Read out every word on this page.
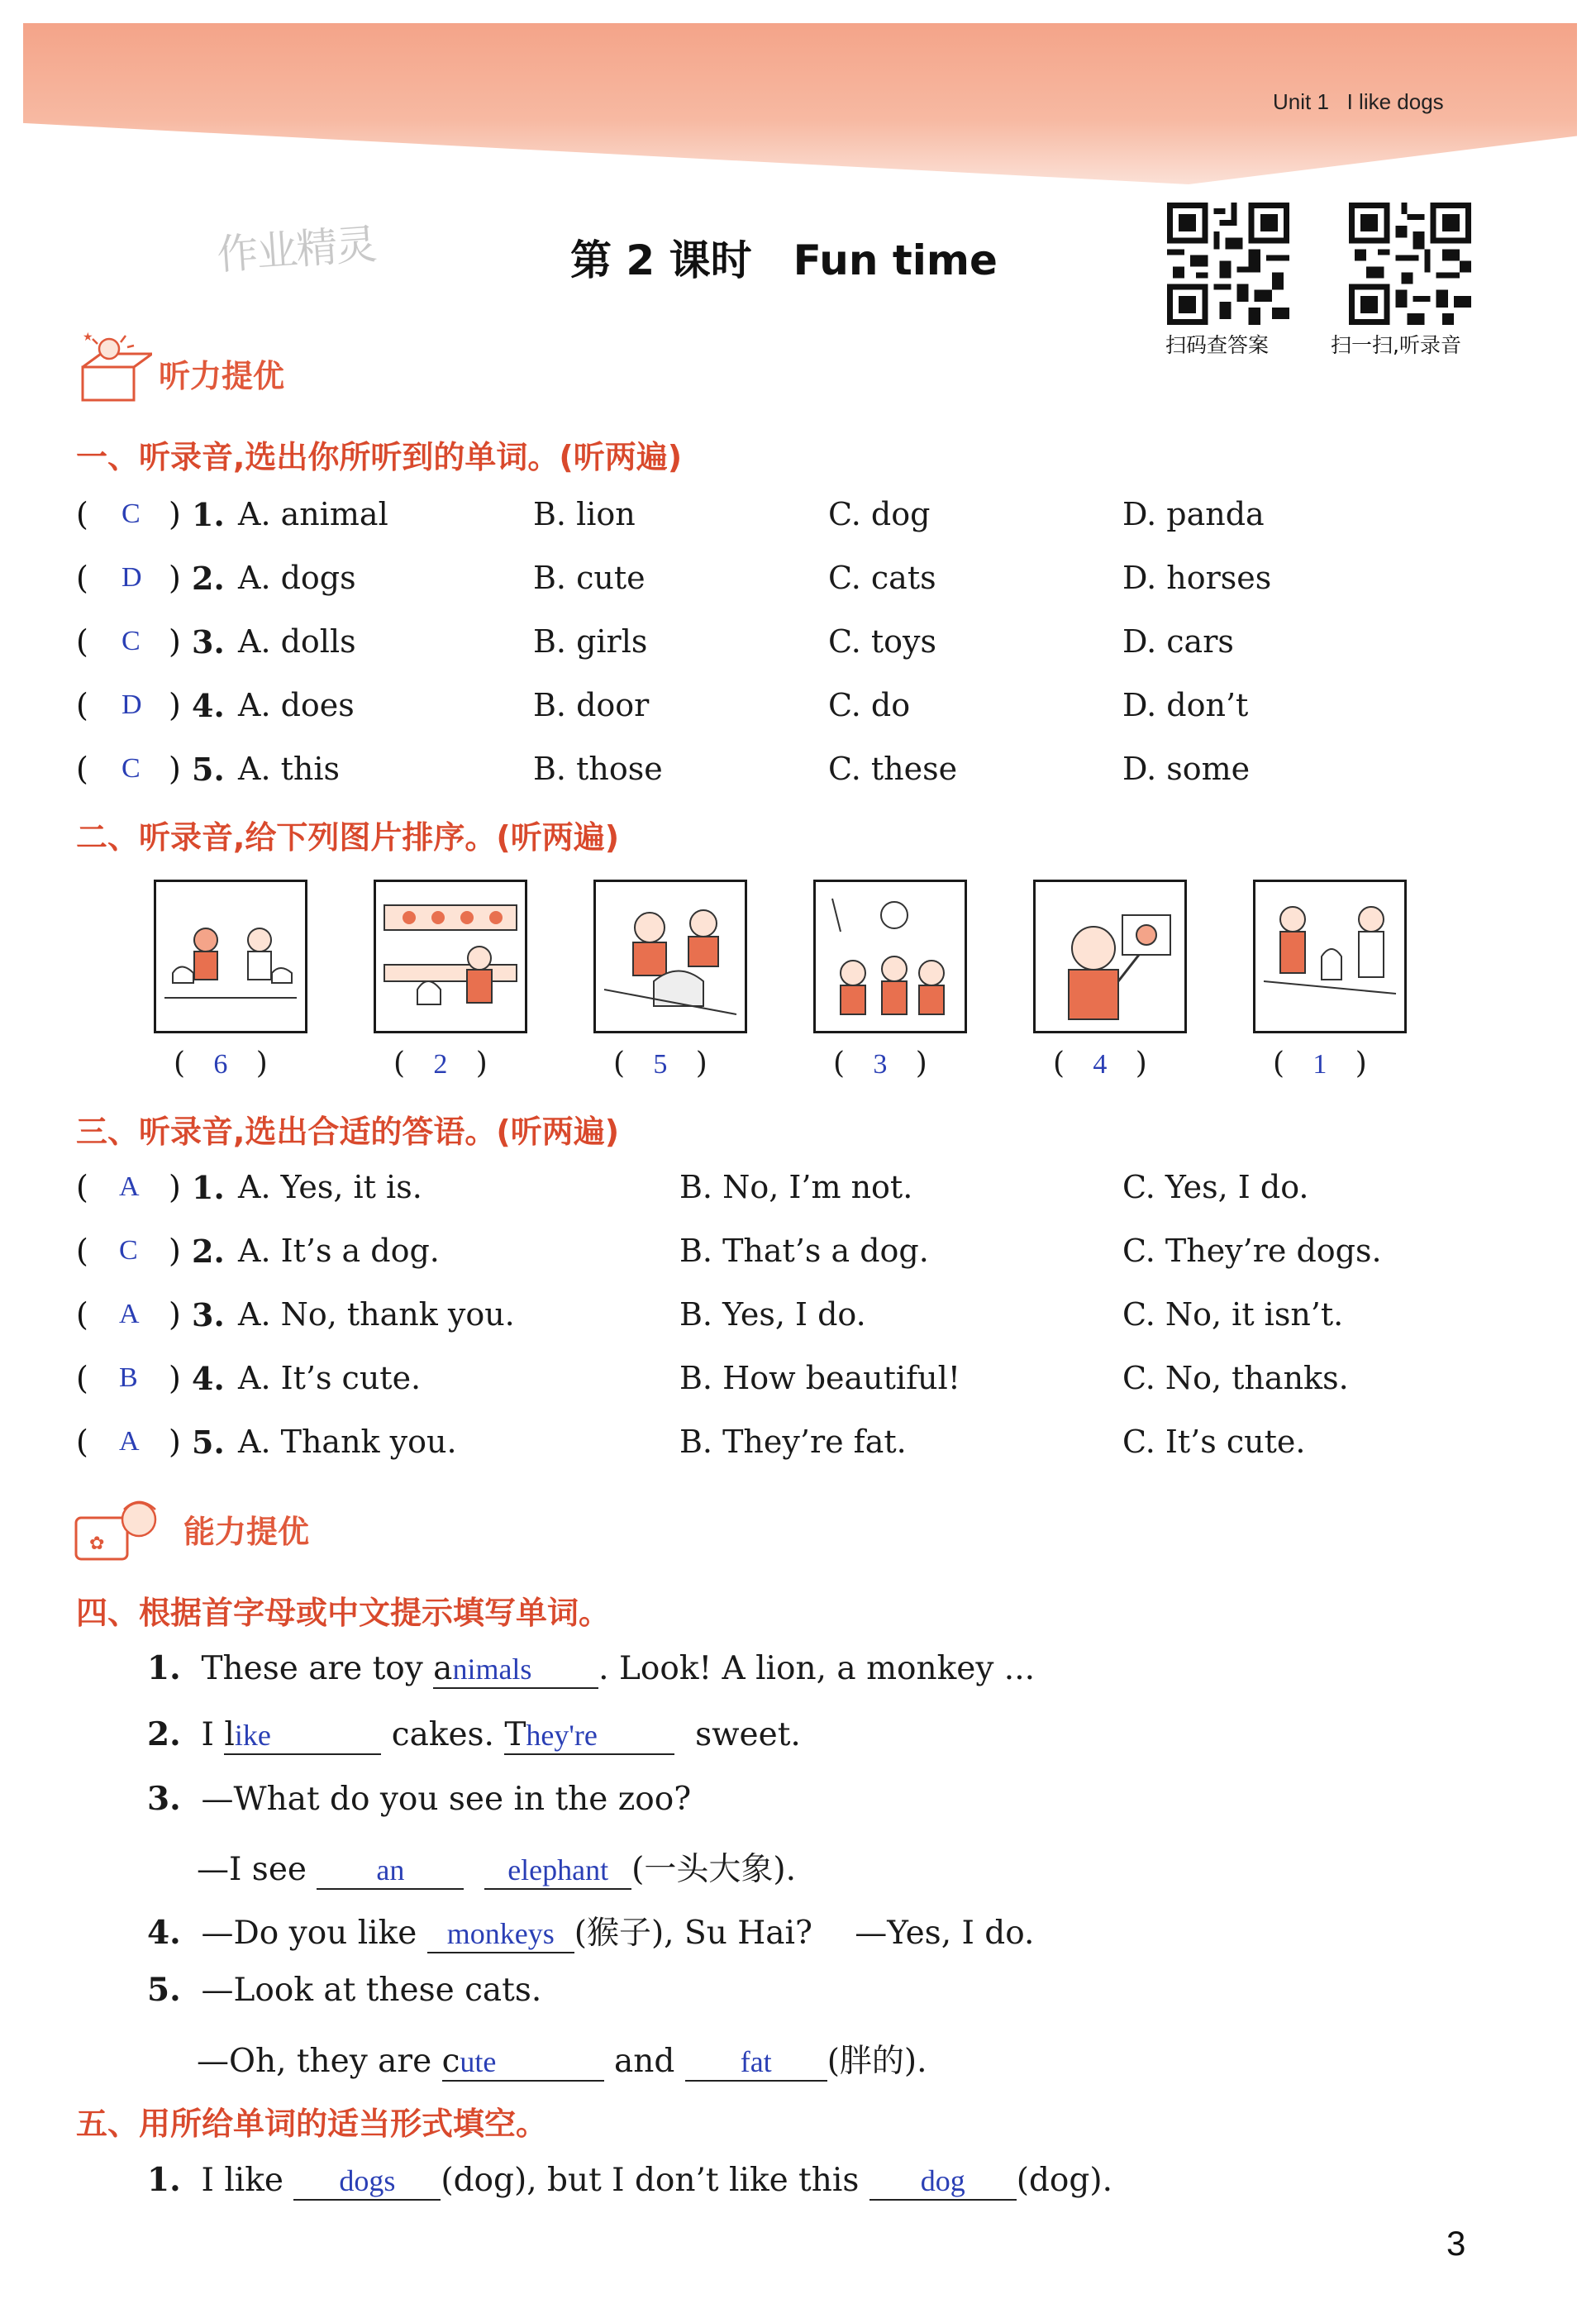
Unit 1 I like dogs
作业精灵	第 2 课时　Fun time
扫码查答案	扫一扫,听录音
★
听力提优
一、听录音,选出你所听到的单词。(听两遍)
( C ) 1. A. animal	B. lion	C. dog	D. panda
( D ) 2. A. dogs	B. cute	C. cats	D. horses
( C ) 3. A. dolls	B. girls	C. toys	D. cars
( D ) 4. A. does	B. door	C. do	D. don’t
( C ) 5. A. this	B. those	C. these	D. some
二、听录音,给下列图片排序。(听两遍)
(   6   )	(   2   )	(   5   )	(   3   )	(   4   )	(   1   )
三、听录音,选出合适的答语。(听两遍)
( A ) 1. A. Yes, it is.	B. No, I’m not.	C. Yes, I do.
( C ) 2. A. It’s a dog.	B. That’s a dog.	C. They’re dogs.
( A ) 3. A. No, thank you.	B. Yes, I do.	C. No, it isn’t.
( B ) 4. A. It’s cute.	B. How beautiful!	C. No, thanks.
( A ) 5. A. Thank you.	B. They’re fat.	C. It’s cute.
✿	能力提优
四、根据首字母或中文提示填写单词。
1. These are toy animals . Look! A lion, a monkey ...
2. I like	cakes. They're	sweet.
3. —What do you see in the zoo?
—I see an	elephant (一头大象).
4. —Do you like monkeys (猴子), Su Hai?　 —Yes, I do.
5. —Look at these cats.
—Oh, they are cute	and fat (胖的).
五、用所给单词的适当形式填空。
1. I like dogs (dog), but I don’t like this dog (dog).
3
